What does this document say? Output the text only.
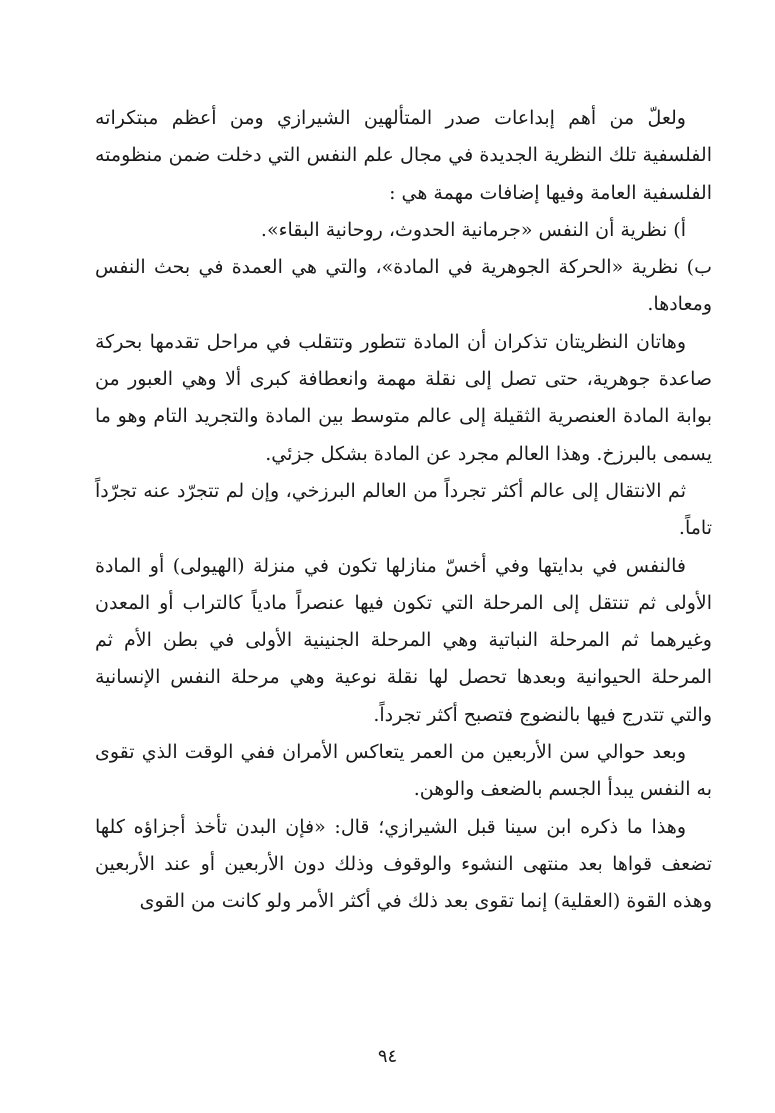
ولعلّ من أهم إبداعات صدر المتألهين الشيرازي ومن أعظم مبتكراته الفلسفية تلك النظرية الجديدة في مجال علم النفس التي دخلت ضمن منظومته الفلسفية العامة وفيها إضافات مهمة هي :

أ) نظرية أن النفس «جرمانية الحدوث، روحانية البقاء».

ب) نظرية «الحركة الجوهرية في المادة»، والتي هي العمدة في بحث النفس ومعادها.

وهاتان النظريتان تذكران أن المادة تتطور وتتقلب في مراحل تقدمها بحركة صاعدة جوهرية، حتى تصل إلى نقلة مهمة وانعطافة كبرى ألا وهي العبور من بوابة المادة العنصرية الثقيلة إلى عالم متوسط بين المادة والتجريد التام وهو ما يسمى بالبرزخ. وهذا العالم مجرد عن المادة بشكل جزئي.

ثم الانتقال إلى عالم أكثر تجرداً من العالم البرزخي، وإن لم تتجرّد عنه تجرّداً تاماً.

فالنفس في بدايتها وفي أخسّ منازلها تكون في منزلة (الهيولى) أو المادة الأولى ثم تنتقل إلى المرحلة التي تكون فيها عنصراً مادياً كالتراب أو المعدن وغيرهما ثم المرحلة النباتية وهي المرحلة الجنينية الأولى في بطن الأم ثم المرحلة الحيوانية وبعدها تحصل لها نقلة نوعية وهي مرحلة النفس الإنسانية والتي تتدرج فيها بالنضوج فتصبح أكثر تجرداً.

وبعد حوالي سن الأربعين من العمر يتعاكس الأمران ففي الوقت الذي تقوى به النفس يبدأ الجسم بالضعف والوهن.

وهذا ما ذكره ابن سينا قبل الشيرازي؛ قال: «فإن البدن تأخذ أجزاؤه كلها تضعف قواها بعد منتهى النشوء والوقوف وذلك دون الأربعين أو عند الأربعين وهذه القوة (العقلية) إنما تقوى بعد ذلك في أكثر الأمر ولو كانت من القوى

٩٤
